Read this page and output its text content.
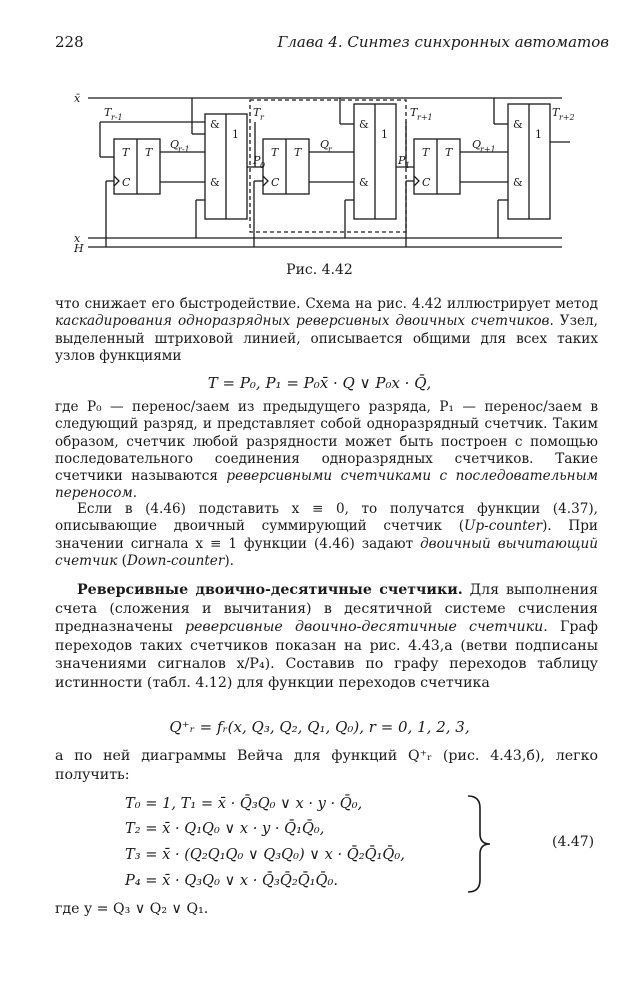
228	Глава 4. Синтез синхронных автоматов
x̄
x
H
T r-1	T r	T r+1	T r+2
Q
r-1	Q
r	Q
r+1
P 0	P 1
T
C
T	T
C
T	T
C
T
&
&
1
&
&
1
&
&
1
Рис. 4.42

что снижает его быстродействие. Схема на рис. 4.42 иллюстрирует метод каскадирования одноразрядных реверсивных двоичных счетчиков. Узел, выделенный штриховой линией, описывается общими для всех таких узлов функциями

T = P₀, P₁ = P₀x̄ · Q ∨ P₀x · Q̄,

где P₀ — перенос/заем из предыдущего разряда, P₁ — перенос/заем в следующий разряд, и представляет собой одноразрядный счетчик. Таким образом, счетчик любой разрядности может быть построен с помощью последовательного соединения одноразрядных счетчиков. Такие счетчики называются реверсивными счетчиками с последовательным переносом.

Если в (4.46) подставить x ≡ 0, то получатся функции (4.37), описывающие двоичный суммирующий счетчик (Up-counter). При значении сигнала x ≡ 1 функции (4.46) задают двоичный вычитающий счетчик (Down-counter).

Реверсивные двоично-десятичные счетчики. Для выполнения счета (сложения и вычитания) в десятичной системе счисления предназначены реверсивные двоично-десятичные счетчики. Граф переходов таких счетчиков показан на рис. 4.43,a (ветви подписаны значениями сигналов x/P₄). Составив по графу переходов таблицу истинности (табл. 4.12) для функции переходов счетчика

Q⁺ᵣ = fᵣ(x, Q₃, Q₂, Q₁, Q₀), r = 0, 1, 2, 3,

а по ней диаграммы Вейча для функций Q⁺ᵣ (рис. 4.43,б), легко получить:

T₀ = 1, T₁ = x̄ · Q̄₃Q₀ ∨ x · y · Q̄₀,
T₂ = x̄ · Q₁Q₀ ∨ x · y · Q̄₁Q̄₀,
T₃ = x̄ · (Q₂Q₁Q₀ ∨ Q₃Q₀) ∨ x · Q̄₂Q̄₁Q̄₀,
P₄ = x̄ · Q₃Q₀ ∨ x · Q̄₃Q̄₂Q̄₁Q̄₀.
(4.47)

где y = Q₃ ∨ Q₂ ∨ Q₁.
